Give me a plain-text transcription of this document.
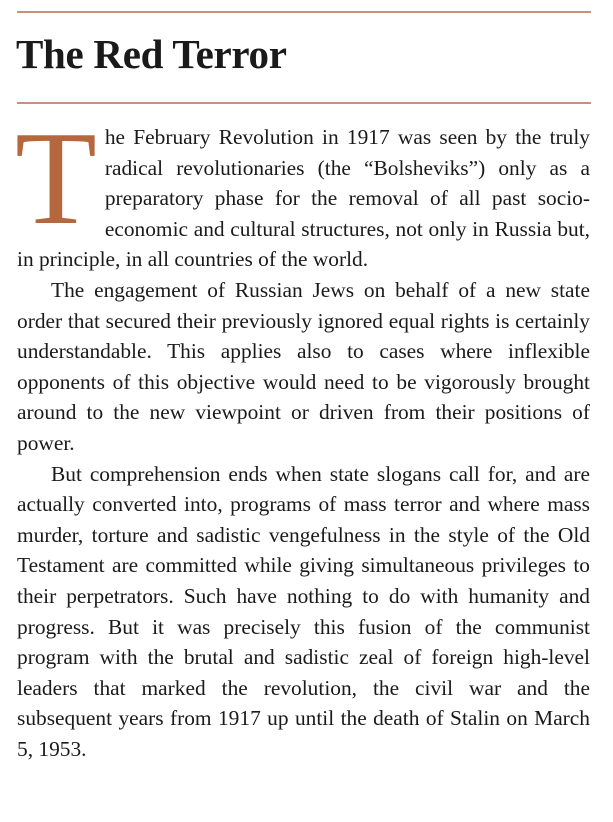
The Red Terror

The February Revolution in 1917 was seen by the truly radical revolutionaries (the “Bolsheviks”) only as a preparatory phase for the removal of all past socio-economic and cultural structures, not only in Russia but, in principle, in all countries of the world.

The engagement of Russian Jews on behalf of a new state order that secured their previously ignored equal rights is certainly understandable. This applies also to cases where inflexible opponents of this objective would need to be vigorously brought around to the new viewpoint or driven from their positions of power.

But comprehension ends when state slogans call for, and are actually converted into, programs of mass terror and where mass murder, torture and sadistic vengefulness in the style of the Old Testament are committed while giving simultaneous privileges to their perpetrators. Such have nothing to do with humanity and progress. But it was precisely this fusion of the communist program with the brutal and sadistic zeal of foreign high-level leaders that marked the revolution, the civil war and the subsequent years from 1917 up until the death of Stalin on March 5, 1953.
